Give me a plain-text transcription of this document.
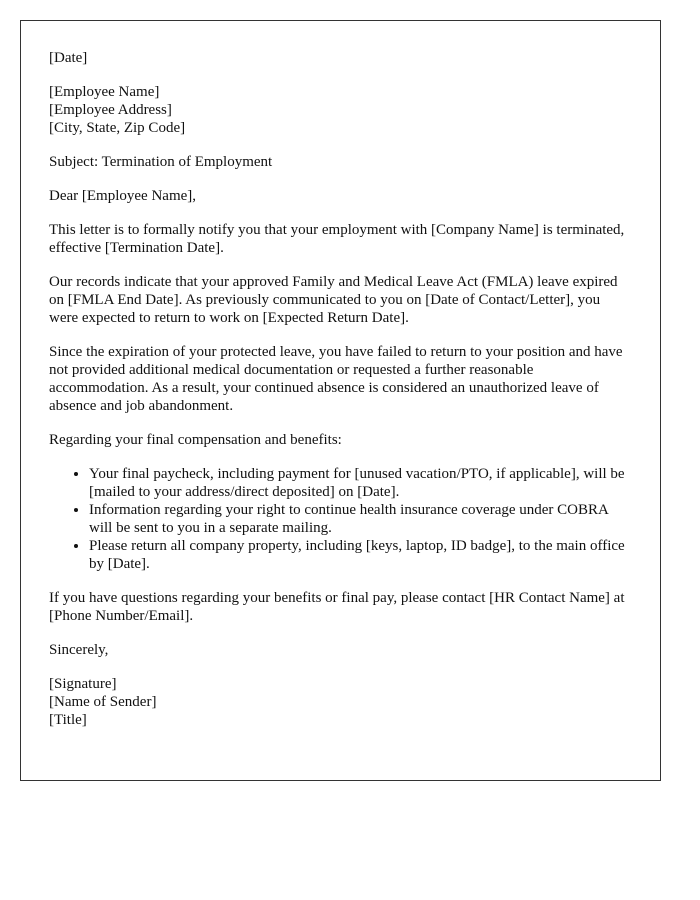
[Date]

[Employee Name]
[Employee Address]
[City, State, Zip Code]

Subject: Termination of Employment

Dear [Employee Name],

This letter is to formally notify you that your employment with [Company Name] is terminated, effective [Termination Date].

Our records indicate that your approved Family and Medical Leave Act (FMLA) leave expired on [FMLA End Date]. As previously communicated to you on [Date of Contact/Letter], you were expected to return to work on [Expected Return Date].

Since the expiration of your protected leave, you have failed to return to your position and have not provided additional medical documentation or requested a further reasonable accommodation. As a result, your continued absence is considered an unauthorized leave of absence and job abandonment.

Regarding your final compensation and benefits:

• Your final paycheck, including payment for [unused vacation/PTO, if applicable], will be [mailed to your address/direct deposited] on [Date].
• Information regarding your right to continue health insurance coverage under COBRA will be sent to you in a separate mailing.
• Please return all company property, including [keys, laptop, ID badge], to the main office by [Date].

If you have questions regarding your benefits or final pay, please contact [HR Contact Name] at [Phone Number/Email].

Sincerely,

[Signature]
[Name of Sender]
[Title]
